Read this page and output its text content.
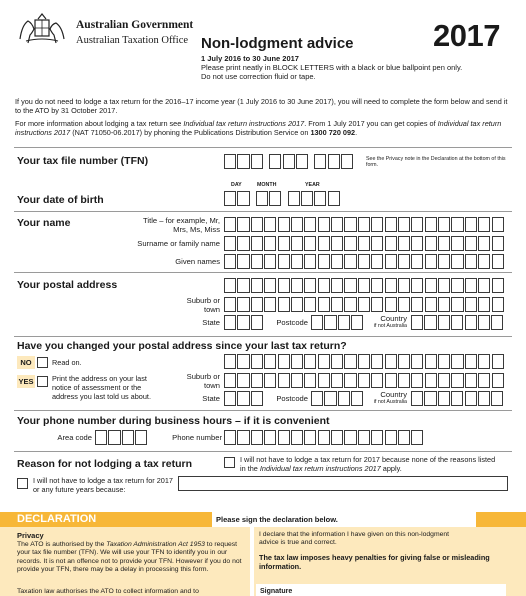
Australian Government
Australian Taxation Office Non-lodgment advice	2017
1 July 2016 to 30 June 2017
Please print neatly in BLOCK LETTERS with a black or blue ballpoint pen only.
Do not use correction fluid or tape.
If you do not need to lodge a tax return for the 2016–17 income year (1 July 2016 to 30 June 2017), you will need to complete the form below and send it to the ATO by 31 October 2017.
For more information about lodging a tax return see Individual tax return instructions 2017. From 1 July 2017 you can get copies of Individual tax return instructions 2017 (NAT 71050-06.2017) by phoning the Publications Distribution Service on 1300 720 092.
Your tax file number (TFN)	See the Privacy note in the Declaration at the bottom of this form.
DAY	MONTH	YEAR
Your date of birth
Your name	Title – for example, Mr, Mrs, Ms, Miss
Surname or family name
Given names
Your postal address
Suburb or town
State	Postcode	Country
if not Australia
Have you changed your postal address since your last tax return?
NO	Read on.
YES	Print the address on your last notice of assessment or the address you last told us about.
Suburb or town
State	Postcode	Country
if not Australia
Your phone number during business hours – if it is convenient
Area code	Phone number
Reason for not lodging a tax return	I will not have to lodge a tax return for 2017 because none of the reasons listed in the Individual tax return instructions 2017 apply.
I will not have to lodge a tax return for 2017 or any future years because:
DECLARATION	Please sign the declaration below.
Privacy
The ATO is authorised by the Taxation Administration Act 1953 to request your tax file number (TFN). We will use your TFN to identify you in our records. It is not an offence not to provide your TFN. However if you do not provide your TFN, there may be a delay in processing this form.
Taxation law authorises the ATO to collect information and to
I declare that the information I have given on this non-lodgment advice is true and correct.
The tax law imposes heavy penalties for giving false or misleading information.
Signature
